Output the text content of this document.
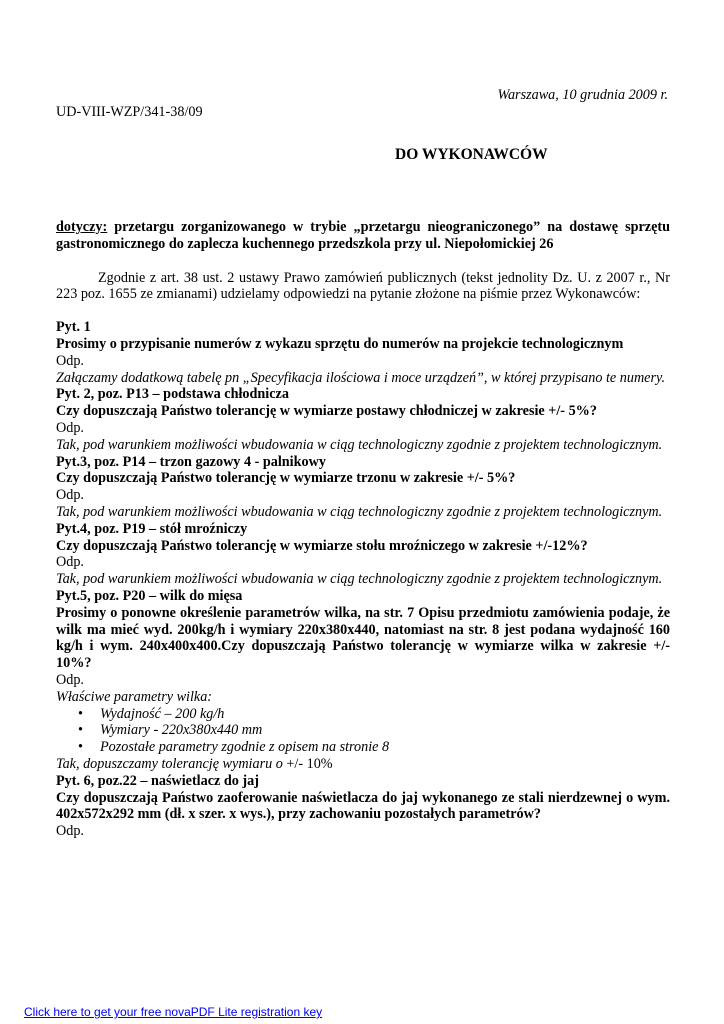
Warszawa, 10 grudnia 2009 r.
UD-VIII-WZP/341-38/09
DO WYKONAWCÓW

dotyczy: przetargu zorganizowanego w trybie „przetargu nieograniczonego” na dostawę sprzętu gastronomicznego do zaplecza kuchennego przedszkola przy ul. Niepołomickiej 26

Zgodnie z art. 38 ust. 2 ustawy Prawo zamówień publicznych (tekst jednolity Dz. U. z 2007 r., Nr 223 poz. 1655 ze zmianami) udzielamy odpowiedzi na pytanie złożone na piśmie przez Wykonawców:

Pyt. 1

Prosimy o przypisanie numerów z wykazu sprzętu do numerów na projekcie technologicznym

Odp.

Załączamy dodatkową tabelę pn „Specyfikacja ilościowa i moce urządzeń”, w której przypisano te numery.

Pyt. 2, poz. P13 – podstawa chłodnicza

Czy dopuszczają Państwo tolerancję w wymiarze postawy chłodniczej w zakresie +/- 5%?

Odp.

Tak, pod warunkiem możliwości wbudowania w ciąg technologiczny zgodnie z projektem technologicznym.

Pyt.3, poz. P14 – trzon gazowy 4 - palnikowy

Czy dopuszczają Państwo tolerancję w wymiarze trzonu w zakresie +/- 5%?

Odp.

Tak, pod warunkiem możliwości wbudowania w ciąg technologiczny zgodnie z projektem technologicznym.

Pyt.4, poz. P19 – stół mroźniczy

Czy dopuszczają Państwo tolerancję w wymiarze stołu mroźniczego w zakresie +/-12%?

Odp.

Tak, pod warunkiem możliwości wbudowania w ciąg technologiczny zgodnie z projektem technologicznym.

Pyt.5, poz. P20 – wilk do mięsa

Prosimy o ponowne określenie parametrów wilka, na str. 7 Opisu przedmiotu zamówienia podaje, że wilk ma mieć wyd. 200kg/h i wymiary 220x380x440, natomiast na str. 8 jest podana wydajność 160 kg/h i wym. 240x400x400.Czy dopuszczają Państwo tolerancję w wymiarze wilka w zakresie +/- 10%?

Odp.

Właściwe parametry wilka:

• Wydajność – 200 kg/h
• Wymiary - 220x380x440 mm
• Pozostałe parametry zgodnie z opisem na stronie 8

Tak, dopuszczamy tolerancję wymiaru o +/- 10%

Pyt. 6, poz.22 – naświetlacz do jaj

Czy dopuszczają Państwo zaoferowanie naświetlacza do jaj wykonanego ze stali nierdzewnej o wym. 402x572x292 mm (dł. x szer. x wys.), przy zachowaniu pozostałych parametrów?

Odp.

Click here to get your free novaPDF Lite registration key
